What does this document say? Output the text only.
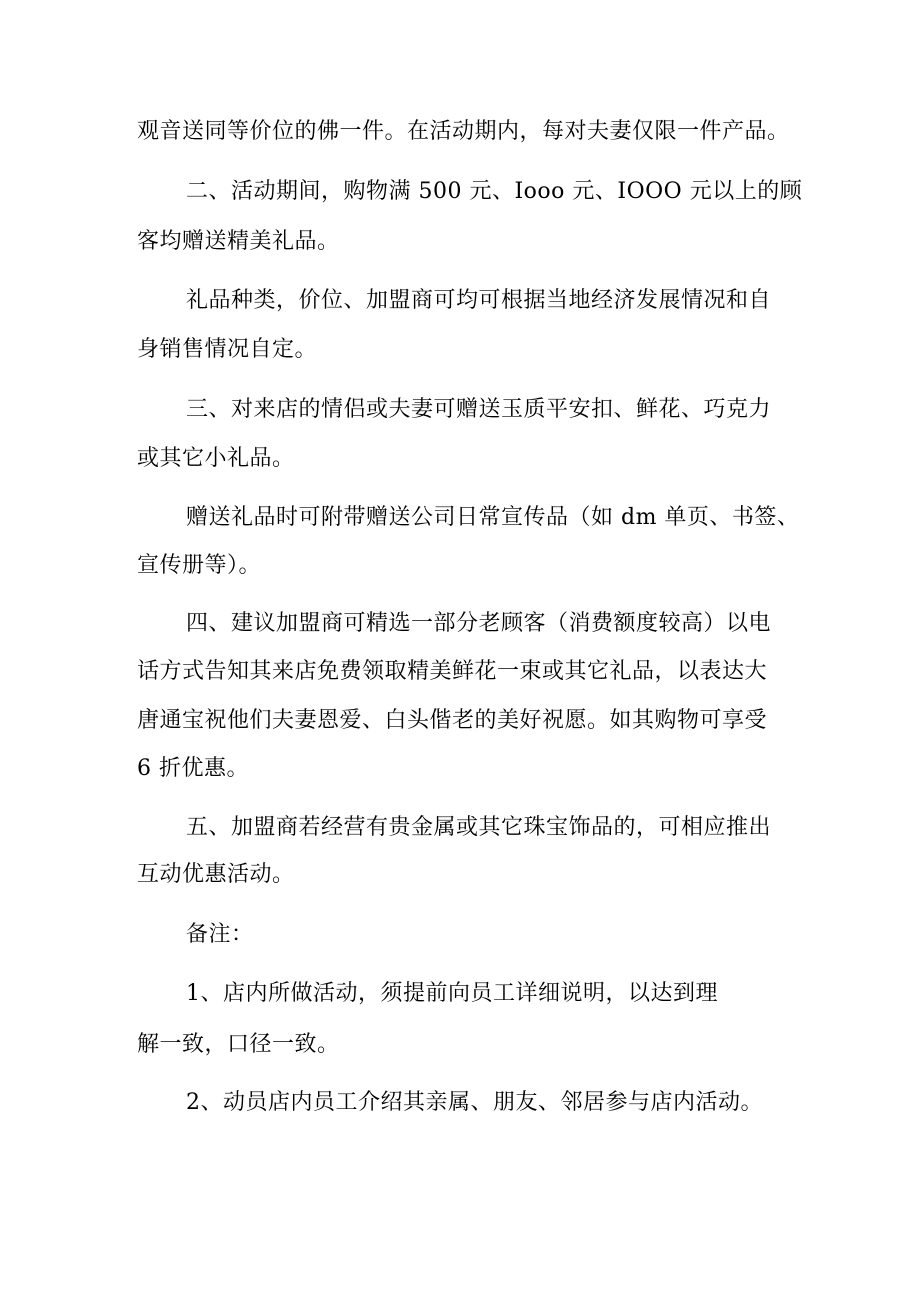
观音送同等价位的佛一件。在活动期内，每对夫妻仅限一件产品。
二、活动期间，购物满 500 元、Iooo 元、IOOO 元以上的顾
客均赠送精美礼品。
礼品种类，价位、加盟商可均可根据当地经济发展情况和自
身销售情况自定。
三、对来店的情侣或夫妻可赠送玉质平安扣、鲜花、巧克力
或其它小礼品。
赠送礼品时可附带赠送公司日常宣传品（如 dm 单页、书签、
宣传册等）。
四、建议加盟商可精选一部分老顾客（消费额度较高）以电
话方式告知其来店免费领取精美鲜花一束或其它礼品，以表达大
唐通宝祝他们夫妻恩爱、白头偕老的美好祝愿。如其购物可享受
6 折优惠。
五、加盟商若经营有贵金属或其它珠宝饰品的，可相应推出
互动优惠活动。
备注：
1、店内所做活动，须提前向员工详细说明，以达到理
解一致，口径一致。
2、动员店内员工介绍其亲属、朋友、邻居参与店内活动。
